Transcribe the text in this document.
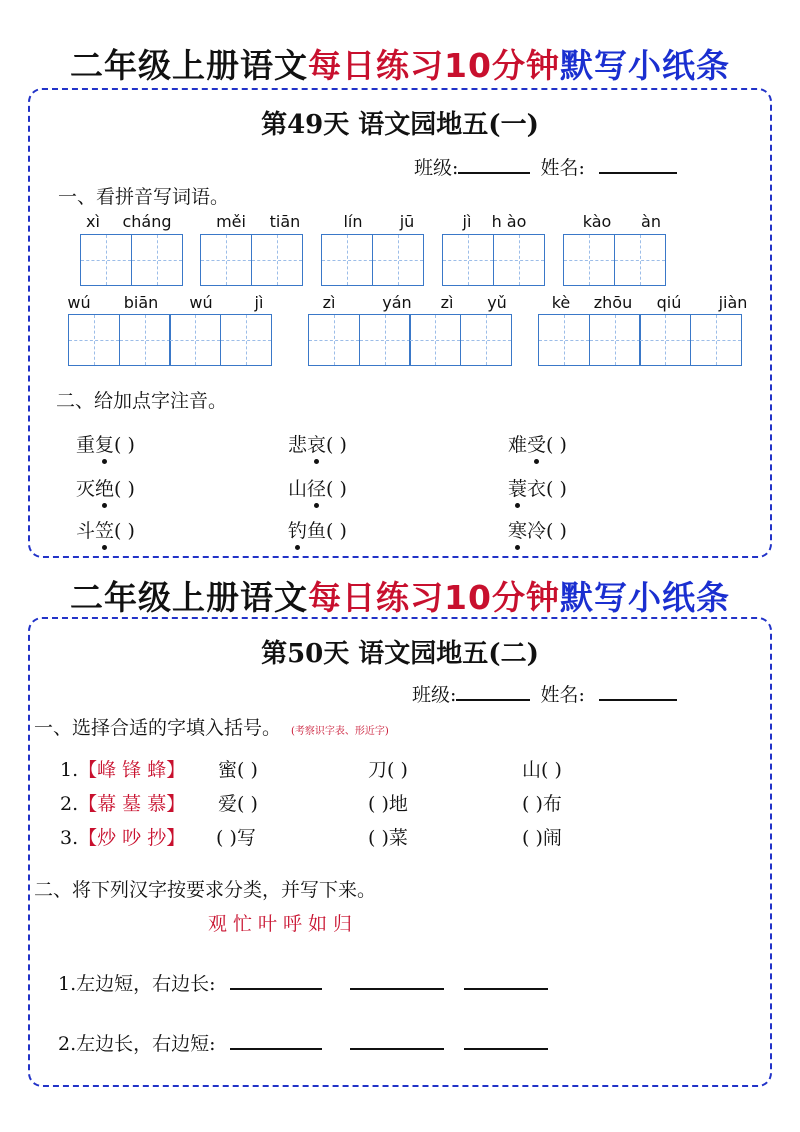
二年级上册语文每日练习10分钟默写小纸条
第49天 语文园地五(一)
班级:	姓名:
一、看拼音写词语。
xì	cháng	měi	tiān	lín	jū	jì	h ào	kào	àn
wú	biān	wú	jì	zì	yán	zì	yǔ	kè	zhōu	qiú	jiàn
二、给加点字注音。
重复( )	悲哀( )	难受( )
灭绝( )	山径( )	蓑衣( )
斗笠( )	钓鱼( )	寒冷( )
二年级上册语文每日练习10分钟默写小纸条
第50天 语文园地五(二)
班级:	姓名:
一、选择合适的字填入括号。 (考察识字表、形近字)
1.【峰 锋 蜂】 蜜( )	刀( )	山( )
2.【幕 墓 慕】 爱( )	( )地	( )布
3.【炒 吵 抄】 ( )写	( )菜	( )闹
二、将下列汉字按要求分类，并写下来。
观忙叶呼如归
1.左边短，右边长:
2.左边长，右边短:
